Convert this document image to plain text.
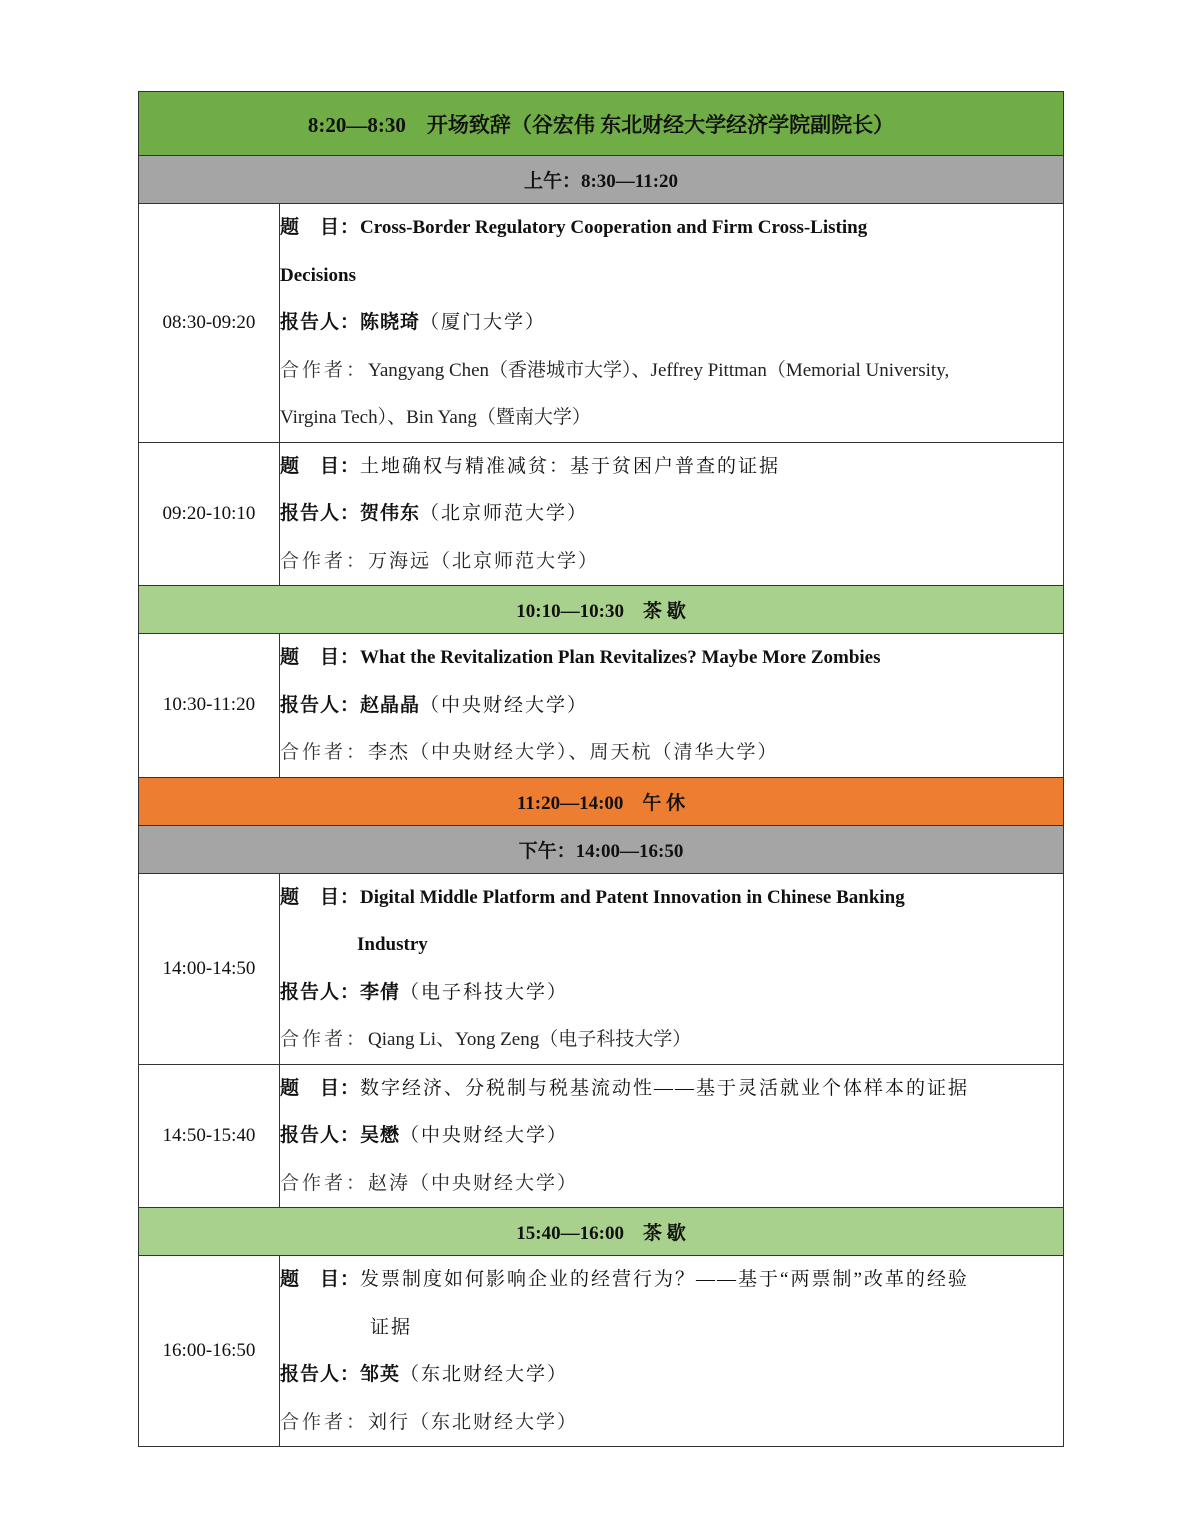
8:20—8:30　开场致辞（谷宏伟 东北财经大学经济学院副院长）	
上午：8:30—11:20	
08:30-09:20	题　目：Cross-Border Regulatory Cooperation and Firm Cross-Listing
Decisions
报告人：陈晓琦（厦门大学）
合作者：Yangyang Chen（香港城市大学）、Jeffrey Pittman（Memorial University,
Virgina Tech）、Bin Yang（暨南大学）

09:20-10:10	题　目：土地确权与精准减贫：基于贫困户普查的证据
报告人：贺伟东（北京师范大学）
合作者：万海远（北京师范大学）

10:10—10:30　茶 歇	
10:30-11:20	题　目：What the Revitalization Plan Revitalizes? Maybe More Zombies
报告人：赵晶晶（中央财经大学）
合作者：李杰（中央财经大学）、周天杭（清华大学）

11:20—14:00　午 休	
下午：14:00—16:50	
14:00-14:50	题　目：Digital Middle Platform and Patent Innovation in Chinese Banking
Industry
报告人：李倩（电子科技大学）
合作者：Qiang Li、Yong Zeng（电子科技大学）

14:50-15:40	题　目：数字经济、分税制与税基流动性——基于灵活就业个体样本的证据
报告人：吴懋（中央财经大学）
合作者：赵涛（中央财经大学）

15:40—16:00　茶 歇	
16:00-16:50	题　目：发票制度如何影响企业的经营行为？——基于“两票制”改革的经验
证据
报告人：邹英（东北财经大学）
合作者：刘行（东北财经大学）
